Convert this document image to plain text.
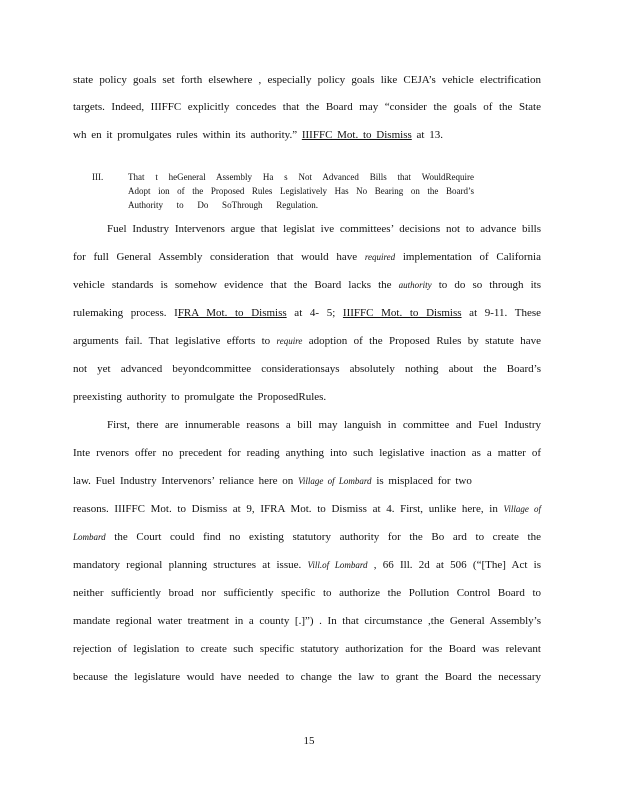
state policy goals set forth elsewhere , especially policy goals like CEJA’s vehicle electrification
targets. Indeed, IIIFFC explicitly concedes that the Board may “consider the goals of the State
wh en it promulgates rules within its authority.” IIIFFC Mot. to Dismiss at 13.
III.	That t heGeneral Assembly Ha s Not Advanced Bills that WouldRequire
Adopt ion of the Proposed Rules Legislatively Has No Bearing on the Board’s
Authority to Do SoThrough Regulation.
Fuel Industry Intervenors argue that legislat ive committees’ decisions not to advance bills
for full General Assembly consideration that would have required implementation of California
vehicle standards is somehow evidence that the Board lacks the authority to do so through its
rulemaking process. IFRA Mot. to Dismiss at 4- 5; IIIFFC Mot. to Dismiss at 9-11. These
arguments fail. That legislative efforts to require adoption of the Proposed Rules by statute have
not yet advanced beyondcommittee considerationsays absolutely nothing about the Board’s
preexisting authority to promulgate the ProposedRules.
First, there are innumerable reasons a bill may languish in committee and Fuel Industry
Inte rvenors offer no precedent for reading anything into such legislative inaction as a matter of
law. Fuel Industry Intervenors’ reliance here on Village of Lombard is misplaced for two
reasons. IIIFFC Mot. to Dismiss at 9, IFRA Mot. to Dismiss at 4. First, unlike here, in Village of
Lombard the Court could find no existing statutory authority for the Bo ard to create the
mandatory regional planning structures at issue. Vill.of Lombard , 66 Ill. 2d at 506 (“[The] Act is
neither sufficiently broad nor sufficiently specific to authorize the Pollution Control Board to
mandate regional water treatment in a county [.]”) . In that circumstance ,the General Assembly’s
rejection of legislation to create such specific statutory authorization for the Board was relevant
because the legislature would have needed to change the law to grant the Board the necessary
15
